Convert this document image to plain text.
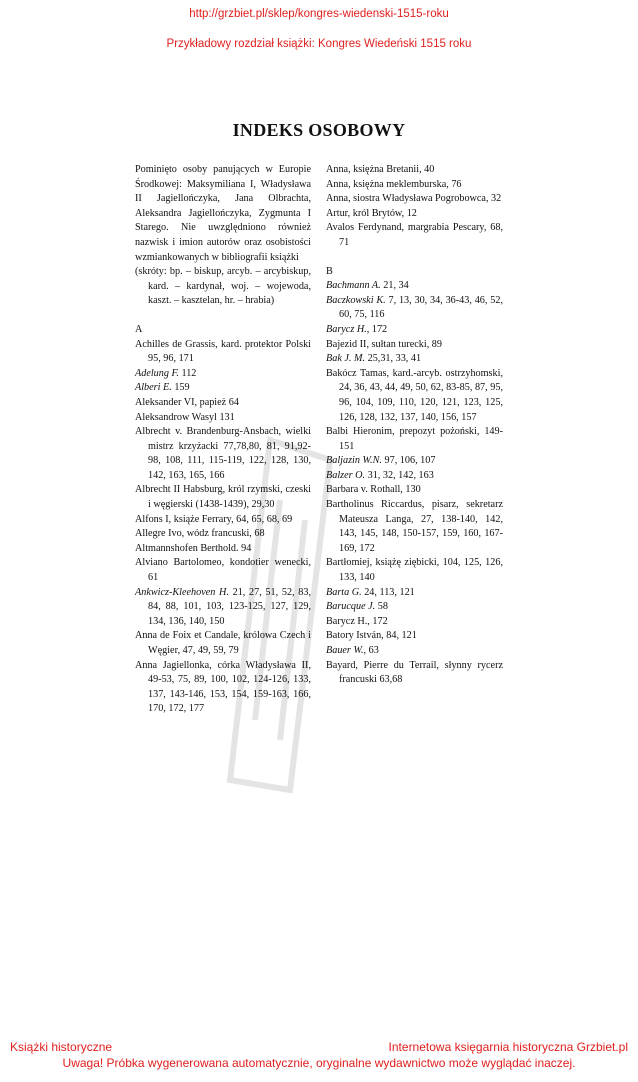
http://grzbiet.pl/sklep/kongres-wiedenski-1515-roku
Przykładowy rozdział książki: Kongres Wiedeński 1515 roku
INDEKS OSOBOWY

Pominięto osoby panujących w Europie Środkowej: Maksymiliana I, Władysława II Jagiellończyka, Jana Olbrachta, Aleksandra Jagiellończyka, Zygmunta I Starego. Nie uwzględniono również nazwisk i imion autorów oraz osobistości wzmiankowanych w bibliografii książki

(skróty: bp. – biskup, arcyb. – arcybiskup, kard. – kardynał, woj. – wojewoda, kaszt. – kasztelan, hr. – hrabia)

A

Achilles de Grassis, kard. protektor Polski 95, 96, 171

Adelung F. 112

Alberi E. 159

Aleksander VI, papież 64

Aleksandrow Wasyl 131

Albrecht v. Brandenburg-Ansbach, wielki mistrz krzyżacki 77,78,80, 81, 91,92-98, 108, 111, 115-119, 122, 128, 130, 142, 163, 165, 166

Albrecht II Habsburg, król rzymski, czeski i węgierski (1438-1439), 29,30

Alfons I, książe Ferrary, 64, 65, 68, 69

Allegre Ivo, wódz francuski, 68

Altmannshofen Berthold. 94

Alviano Bartolomeo, kondotier wenecki, 61

Ankwicz-Kleehoven H. 21, 27, 51, 52, 83, 84, 88, 101, 103, 123-125, 127, 129, 134, 136, 140, 150

Anna de Foix et Candale, królowa Czech i Węgier, 47, 49, 59, 79

Anna Jagiellonka, córka Władysława II, 49-53, 75, 89, 100, 102, 124-126, 133, 137, 143-146, 153, 154, 159-163, 166, 170, 172, 177

Anna, księżna Bretanii, 40

Anna, księżna meklemburska, 76

Anna, siostra Władysława Pogrobowca, 32

Artur, król Brytów, 12

Avalos Ferdynand, margrabia Pescary, 68, 71

B

Bachmann A. 21, 34

Baczkowski K. 7, 13, 30, 34, 36-43, 46, 52, 60, 75, 116

Barycz H., 172

Bajezid II, sułtan turecki, 89

Bak J. M. 25,31, 33, 41

Bakócz Tamas, kard.-arcyb. ostrzyhomski, 24, 36, 43, 44, 49, 50, 62, 83-85, 87, 95, 96, 104, 109, 110, 120, 121, 123, 125, 126, 128, 132, 137, 140, 156, 157

Balbi Hieronim, prepozyt pożoński, 149-151

Baljazin W.N. 97, 106, 107

Balzer O. 31, 32, 142, 163

Barbara v. Rothall, 130

Bartholinus Riccardus, pisarz, sekretarz Mateusza Langa, 27, 138-140, 142, 143, 145, 148, 150-157, 159, 160, 167-169, 172

Bartłomiej, książę ziębicki, 104, 125, 126, 133, 140

Barta G. 24, 113, 121

Barucque J. 58

Barycz H., 172

Batory István, 84, 121

Bauer W., 63

Bayard, Pierre du Terrail, słynny rycerz francuski 63,68

Książki historyczne	Internetowa księgarnia historyczna Grzbiet.pl
Uwaga! Próbka wygenerowana automatycznie, oryginalne wydawnictwo może wyglądać inaczej.
